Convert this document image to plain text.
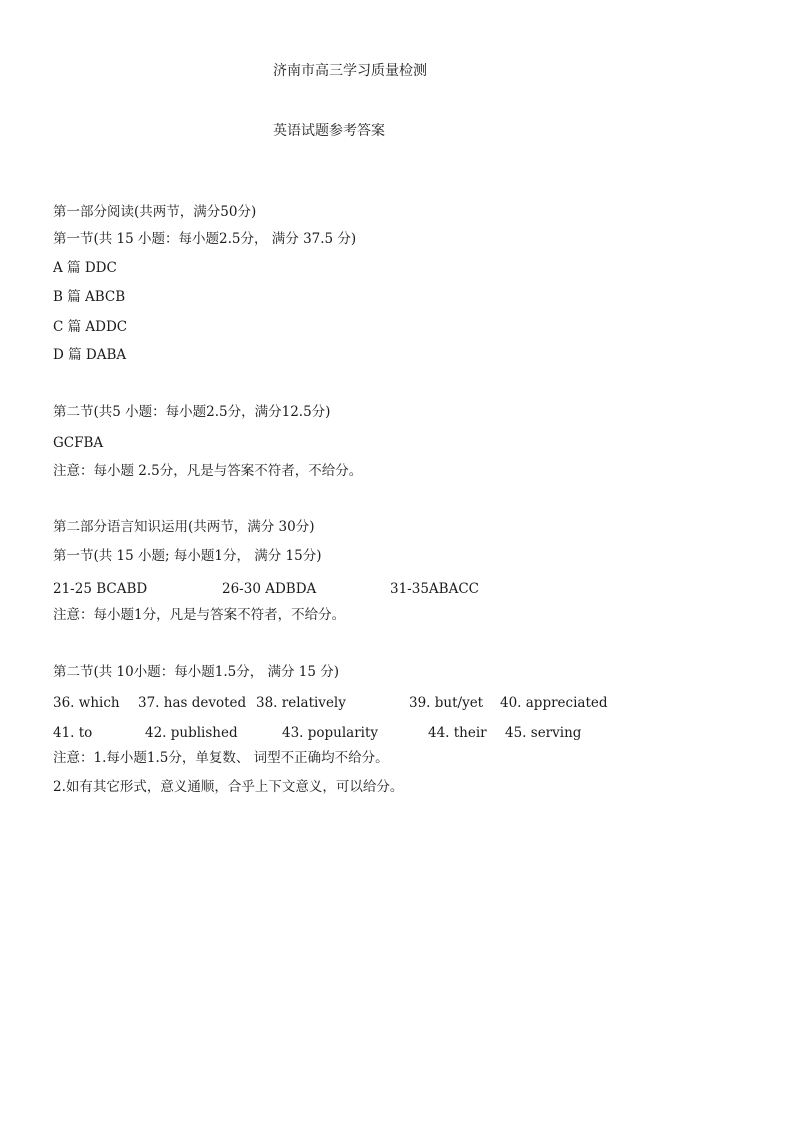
济南市高三学习质量检测
英语试题参考答案
第一部分阅读(共两节，满分50分)
第一节(共 15 小题：每小题2.5分， 满分 37.5 分)
A 篇 DDC
B 篇 ABCB
C 篇 ADDC
D 篇 DABA
第二节(共5 小题：每小题2.5分，满分12.5分)
GCFBA
注意：每小题 2.5分，凡是与答案不符者，不给分。
第二部分语言知识运用(共两节，满分 30分)
第一节(共 15 小题; 每小题1分， 满分 15分)
21-25 BCABD	26-30 ADBDA	31-35ABACC
注意：每小题1分，凡是与答案不符者，不给分。
第二节(共 10小题：每小题1.5分， 满分 15 分)
36. which 37. has devoted 38. relatively	39. but/yet 40. appreciated
41. to	42. published	43. popularity	44. their 45. serving
注意：1.每小题1.5分，单复数、 词型不正确均不给分。
2.如有其它形式，意义通顺，合乎上下文意义，可以给分。
